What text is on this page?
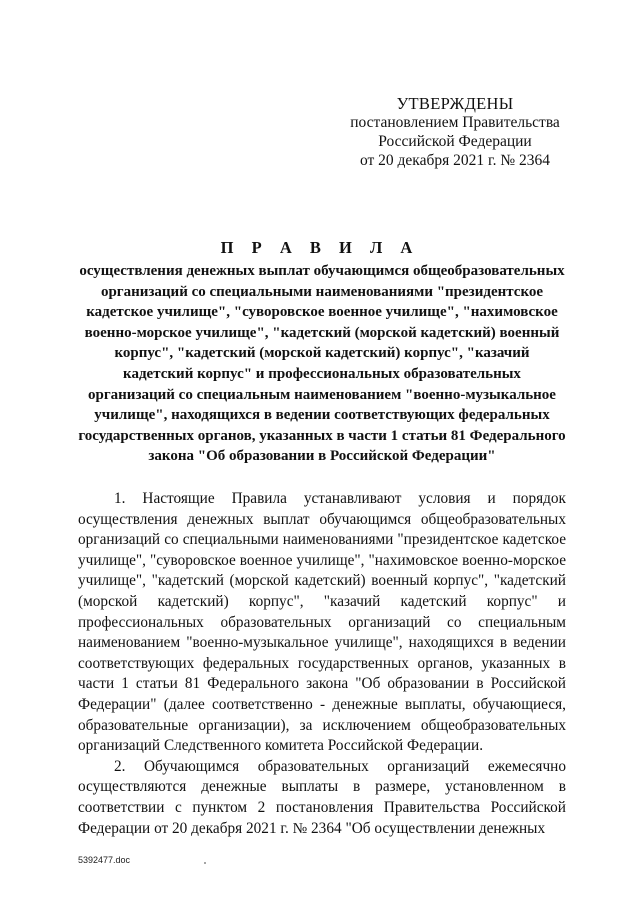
УТВЕРЖДЕНЫ
постановлением Правительства
Российской Федерации
от 20 декабря 2021 г. № 2364
П Р А В И Л А
осуществления денежных выплат обучающимся общеобразовательных организаций со специальными наименованиями "президентское кадетское училище", "суворовское военное училище", "нахимовское военно-морское училище", "кадетский (морской кадетский) военный корпус", "кадетский (морской кадетский) корпус", "казачий кадетский корпус" и профессиональных образовательных организаций со специальным наименованием "военно-музыкальное училище", находящихся в ведении соответствующих федеральных государственных органов, указанных в части 1 статьи 81 Федерального закона "Об образовании в Российской Федерации"

1. Настоящие Правила устанавливают условия и порядок осуществления денежных выплат обучающимся общеобразовательных организаций со специальными наименованиями "президентское кадетское училище", "суворовское военное училище", "нахимовское военно-морское училище", "кадетский (морской кадетский) военный корпус", "кадетский (морской кадетский) корпус", "казачий кадетский корпус" и профессиональных образовательных организаций со специальным наименованием "военно-музыкальное училище", находящихся в ведении соответствующих федеральных государственных органов, указанных в части 1 статьи 81 Федерального закона "Об образовании в Российской Федерации" (далее соответственно - денежные выплаты, обучающиеся, образовательные организации), за исключением общеобразовательных организаций Следственного комитета Российской Федерации.

2. Обучающимся образовательных организаций ежемесячно осуществляются денежные выплаты в размере, установленном в соответствии с пунктом 2 постановления Правительства Российской Федерации от 20 декабря 2021 г. № 2364 "Об осуществлении денежных

5392477.doc
